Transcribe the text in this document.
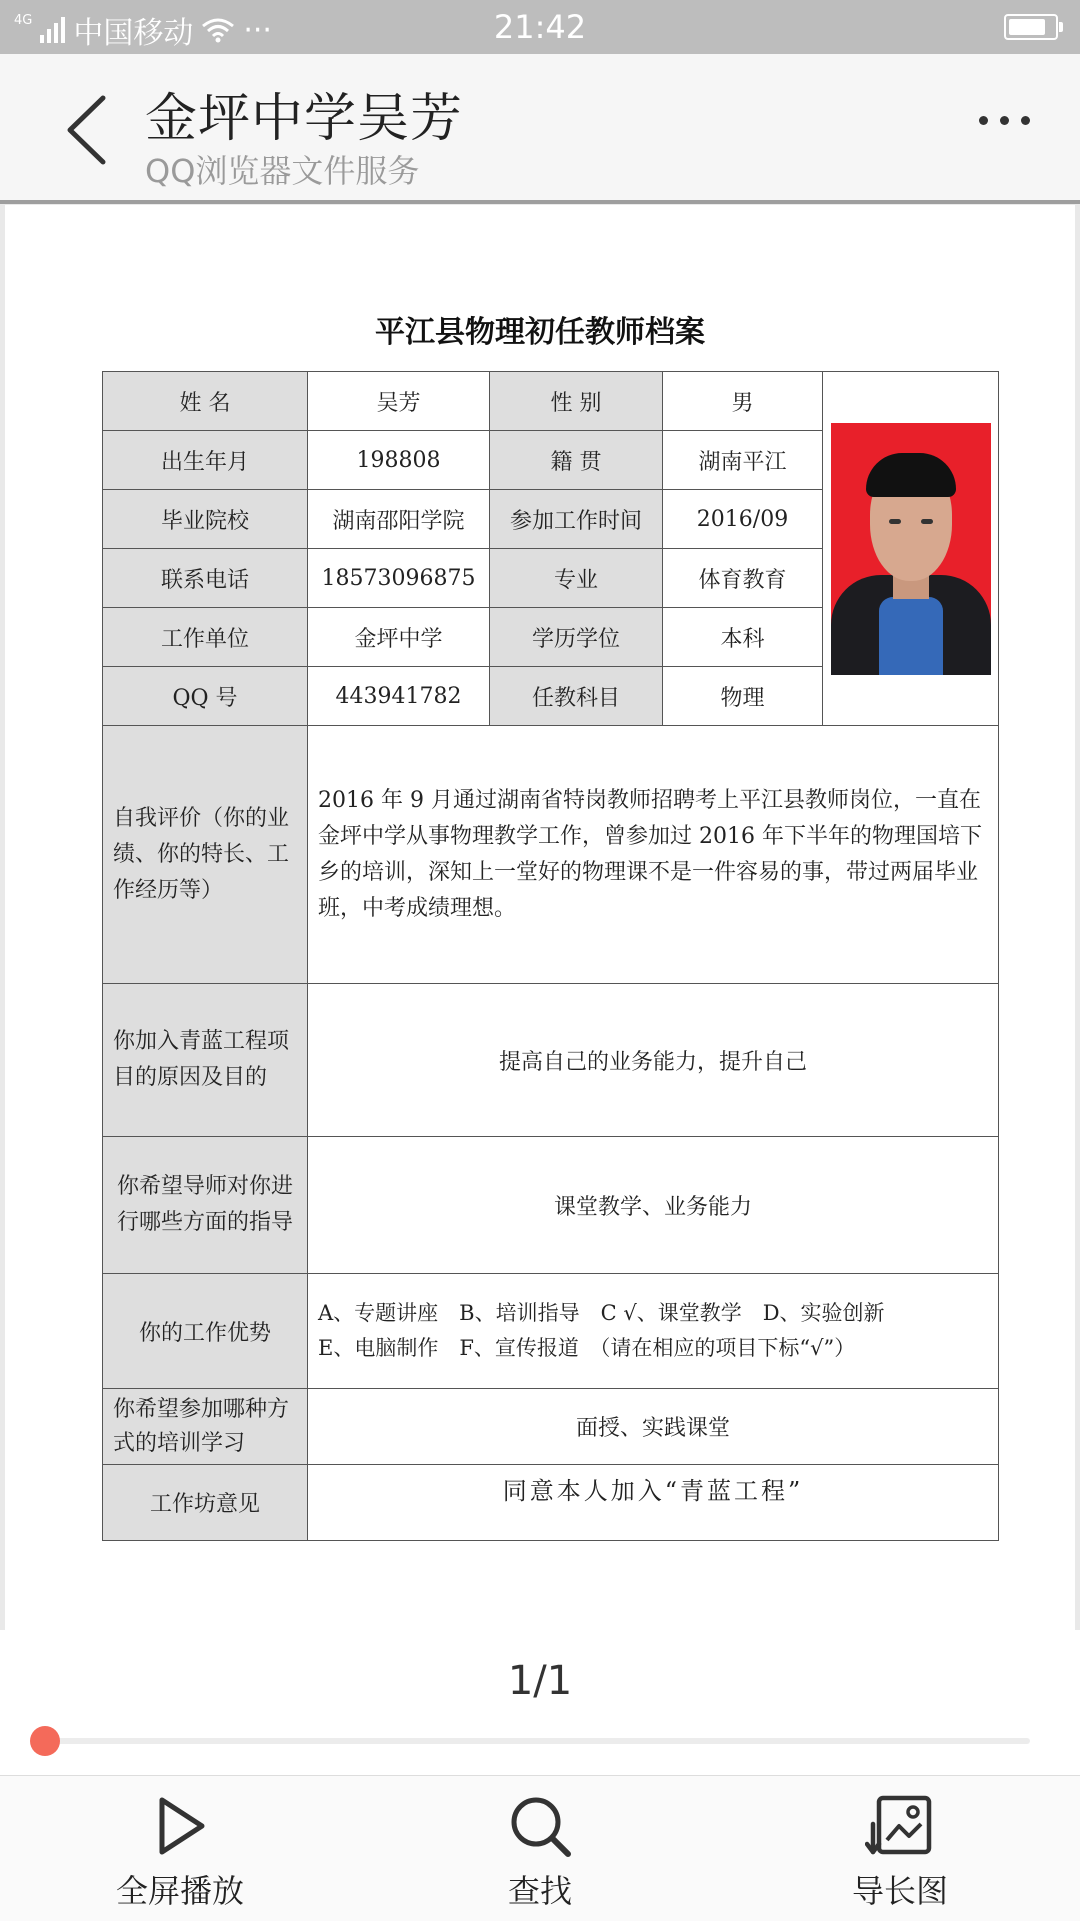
4G 中国移动 ···	21:42
金坪中学吴芳
QQ浏览器文件服务
平江县物理初任教师档案
姓 名	吴芳	性 别	男	

出生年月	198808	籍 贯	湖南平江	
毕业院校	湖南邵阳学院	参加工作时间	2016/09	
联系电话	18573096875	专业	体育教育	
工作单位	金坪中学	学历学位	本科	
QQ 号	443941782	任教科目	物理	
自我评价（你的业绩、你的特长、工作经历等）	2016 年 9 月通过湖南省特岗教师招聘考上平江县教师岗位，一直在金坪中学从事物理教学工作，曾参加过 2016 年下半年的物理国培下乡的培训，深知上一堂好的物理课不是一件容易的事，带过两届毕业班，中考成绩理想。			
你加入青蓝工程项目的原因及目的	提高自己的业务能力，提升自己			
你希望导师对你进行哪些方面的指导	课堂教学、业务能力			
你的工作优势	A、专题讲座　B、培训指导　C √、课堂教学　D、实验创新
E、电脑制作　F、宣传报道　（请在相应的项目下标“√”）			

你希望参加哪种方式的培训学习	面授、实践课堂			
工作坊意见	同意本人加入“青蓝工程”			
1/1
全屏播放	查找	导长图
